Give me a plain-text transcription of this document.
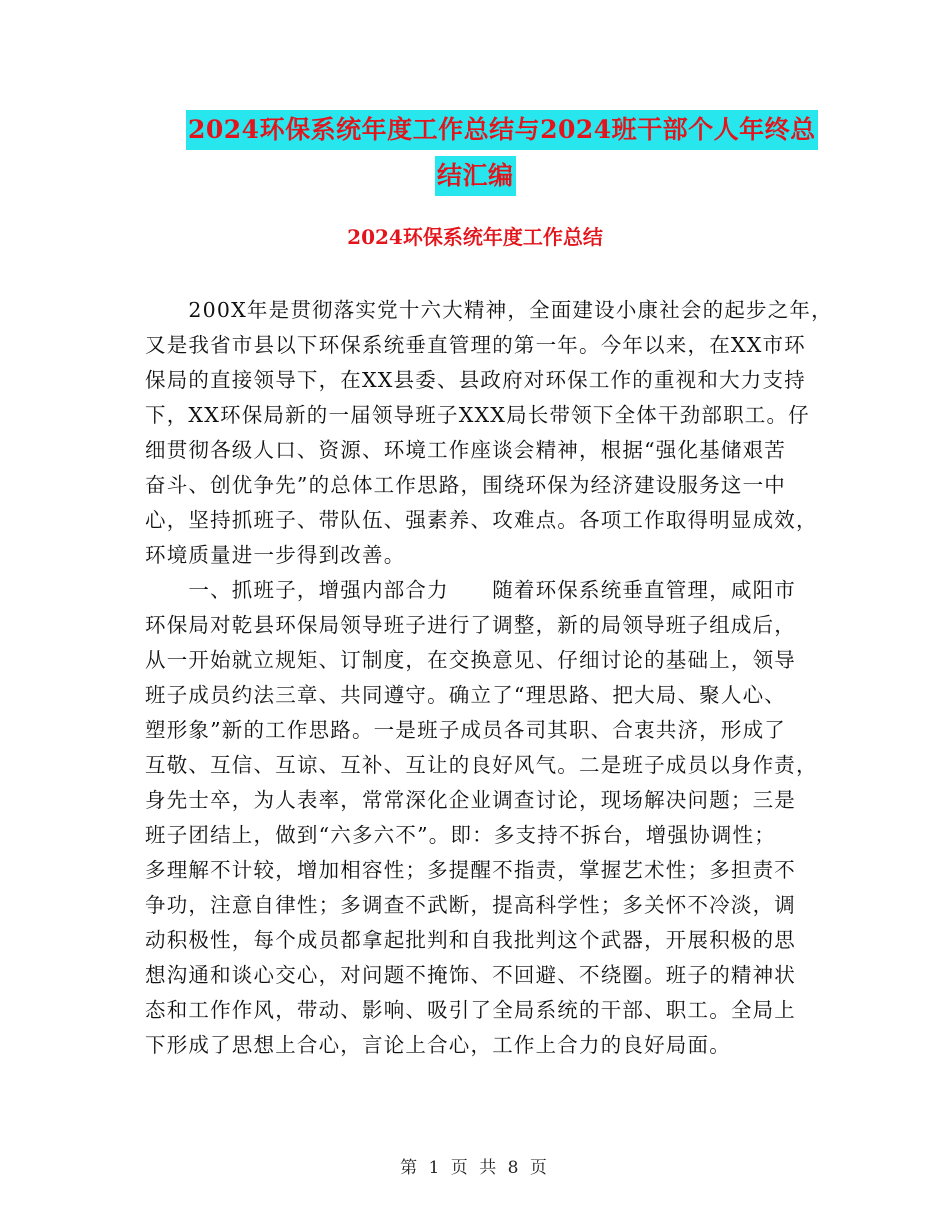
2024环保系统年度工作总结与2024班干部个人年终总
结汇编
2024环保系统年度工作总结
　　200X年是贯彻落实党十六大精神，全面建设小康社会的起步之年，
又是我省市县以下环保系统垂直管理的第一年。今年以来，在XX市环
保局的直接领导下，在XX县委、县政府对环保工作的重视和大力支持
下，XX环保局新的一届领导班子XXX局长带领下全体干劲部职工。仔
细贯彻各级人口、资源、环境工作座谈会精神，根据“强化基储艰苦
奋斗、创优争先”的总体工作思路，围绕环保为经济建设服务这一中
心，坚持抓班子、带队伍、强素养、攻难点。各项工作取得明显成效，
环境质量进一步得到改善。
　　一、抓班子，增强内部合力　　随着环保系统垂直管理，咸阳市
环保局对乾县环保局领导班子进行了调整，新的局领导班子组成后，
从一开始就立规矩、订制度，在交换意见、仔细讨论的基础上，领导
班子成员约法三章、共同遵守。确立了“理思路、把大局、聚人心、
塑形象”新的工作思路。一是班子成员各司其职、合衷共济，形成了
互敬、互信、互谅、互补、互让的良好风气。二是班子成员以身作责，
身先士卒，为人表率，常常深化企业调查讨论，现场解决问题；三是
班子团结上，做到“六多六不”。即：多支持不拆台，增强协调性；
多理解不计较，增加相容性；多提醒不指责，掌握艺术性；多担责不
争功，注意自律性；多调查不武断，提高科学性；多关怀不冷淡，调
动积极性，每个成员都拿起批判和自我批判这个武器，开展积极的思
想沟通和谈心交心，对问题不掩饰、不回避、不绕圈。班子的精神状
态和工作作风，带动、影响、吸引了全局系统的干部、职工。全局上
下形成了思想上合心，言论上合心，工作上合力的良好局面。
第 1 页 共 8 页
